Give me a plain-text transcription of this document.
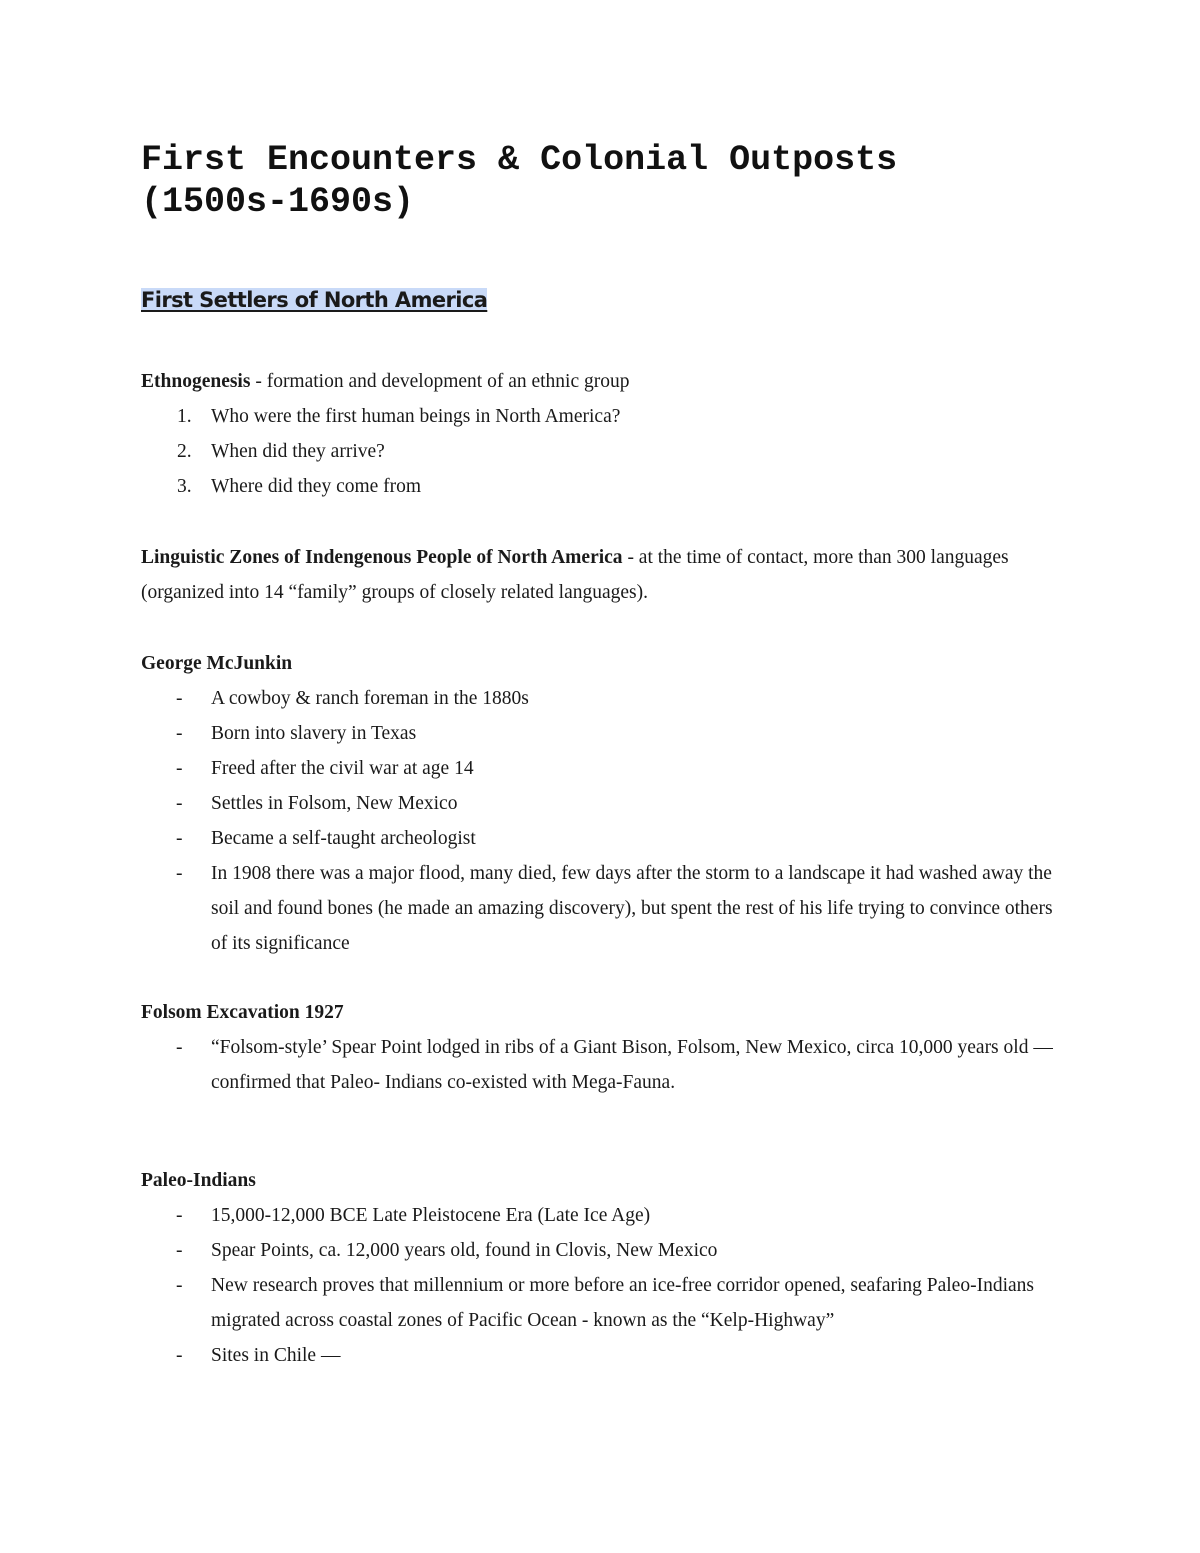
First Encounters & Colonial Outposts (1500s-1690s)
First Settlers of North America

Ethnogenesis - formation and development of an ethnic group

1. Who were the first human beings in North America?
2. When did they arrive?
3. Where did they come from

Linguistic Zones of Indengenous People of North America - at the time of contact, more than 300 languages (organized into 14 “family” groups of closely related languages).

George McJunkin

- A cowboy & ranch foreman in the 1880s
- Born into slavery in Texas
- Freed after the civil war at age 14
- Settles in Folsom, New Mexico
- Became a self-taught archeologist
- In 1908 there was a major flood, many died, few days after the storm to a landscape it had washed away the soil and found bones (he made an amazing discovery), but spent the rest of his life trying to convince others of its significance

Folsom Excavation 1927

- “Folsom-style’ Spear Point lodged in ribs of a Giant Bison, Folsom, New Mexico, circa 10,000 years old — confirmed that Paleo- Indians co-existed with Mega-Fauna.

Paleo-Indians

- 15,000-12,000 BCE Late Pleistocene Era (Late Ice Age)
- Spear Points, ca. 12,000 years old, found in Clovis, New Mexico
- New research proves that millennium or more before an ice-free corridor opened, seafaring Paleo-Indians migrated across coastal zones of Pacific Ocean - known as the “Kelp-Highway”
- Sites in Chile —
